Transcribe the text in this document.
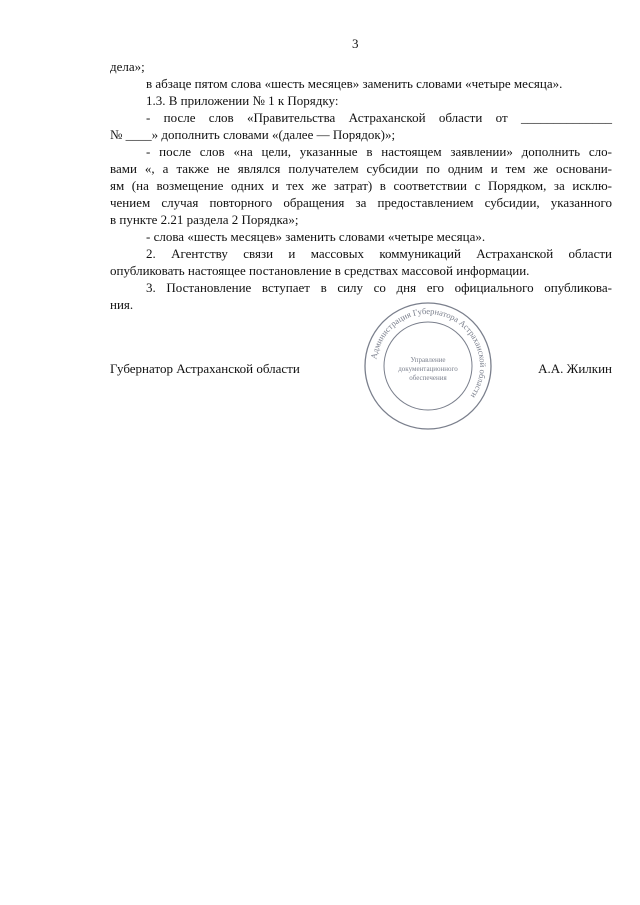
3
дела»;
в абзаце пятом слова «шесть месяцев» заменить словами «четыре месяца».
1.3. В приложении № 1 к Порядку:
- после слов «Правительства Астраханской области от ______________
№ ____» дополнить словами «(далее — Порядок)»;
- после слов «на цели, указанные в настоящем заявлении» дополнить сло-
вами «, а также не являлся получателем субсидии по одним и тем же основани-
ям (на возмещение одних и тех же затрат) в соответствии с Порядком, за исклю-
чением случая повторного обращения за предоставлением субсидии, указанного
в пункте 2.21 раздела 2 Порядка»;
- слова «шесть месяцев» заменить словами «четыре месяца».
2. Агентству связи и массовых коммуникаций Астраханской области
опубликовать настоящее постановление в средствах массовой информации.
3. Постановление вступает в силу со дня его официального опубликова-
ния.
Губернатор Астраханской области	А.А. Жилкин
Администрация Губернатора Астраханской области
Управление
документационного
обеспечения
